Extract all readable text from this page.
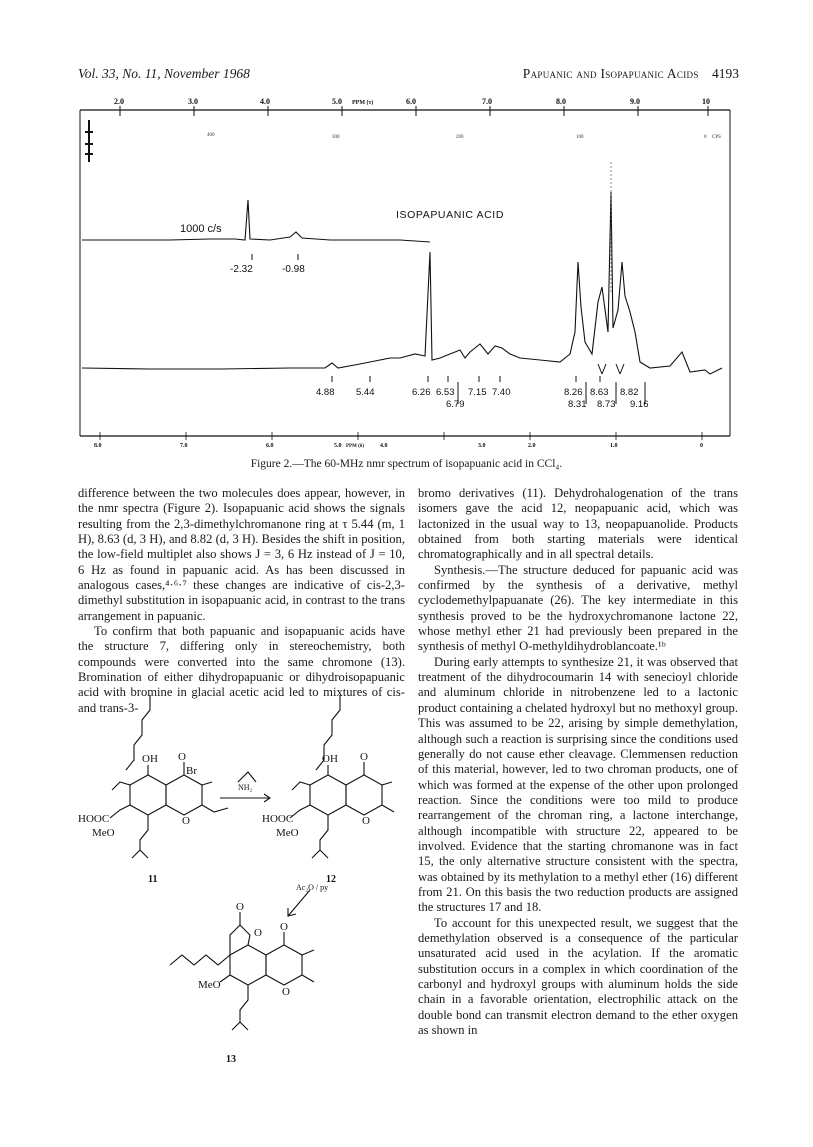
Vol. 33, No. 11, November 1968	Papuanic and Isopapuanic Acids 4193
2.0	3.0	4.0	5.0 PPM (τ)	6.0	7.0	8.0	9.0	10
400	300	200	100	0 CPS
1000 c/s
-2.32	-0.98
ISOPAPUANIC ACID
4.88 5.44	6.26 6.53 7.15 7.40
6.79
8.26 8.63 8.82
8.31 8.73 9.16
8.0	7.0	6.0	5.0 PPM (δ)	4.0	3.0	2.0	1.0	0
Figure 2.—The 60-MHz nmr spectrum of isopapuanic acid in CCl₄.

difference between the two molecules does appear, however, in the nmr spectra (Figure 2). Isopapuanic acid shows the signals resulting from the 2,3-dimethylchromanone ring at τ 5.44 (m, 1 H), 8.63 (d, 3 H), and 8.82 (d, 3 H). Besides the shift in position, the low-field multiplet also shows J = 3, 6 Hz instead of J = 10, 6 Hz as found in papuanic acid. As has been discussed in analogous cases,⁴·⁶·⁷ these changes are indicative of cis-2,3-dimethyl substitution in isopapuanic acid, in contrast to the trans arrangement in papuanic.

To confirm that both papuanic and isopapuanic acids have the structure 7, differing only in stereochemistry, both compounds were converted into the same chromone (13). Bromination of either dihydropapuanic or dihydroisopapuanic acid with bromine in glacial acetic acid led to mixtures of cis- and trans-3-

bromo derivatives (11). Dehydrohalogenation of the trans isomers gave the acid 12, neopapuanic acid, which was lactonized in the usual way to 13, neopapuanolide. Products obtained from both starting materials were identical chromatographically and in all spectral details.

Synthesis.—The structure deduced for papuanic acid was confirmed by the synthesis of a derivative, methyl cyclodemethylpapuanate (26). The key intermediate in this synthesis proved to be the hydroxychromanone lactone 22, whose methyl ether 21 had previously been prepared in the synthesis of methyl O-methyldihydroblancoate.¹ᵇ

During early attempts to synthesize 21, it was observed that treatment of the dihydrocoumarin 14 with senecioyl chloride and aluminum chloride in nitrobenzene led to a lactonic product containing a chelated hydroxyl but no methoxyl group. This was assumed to be 22, arising by simple demethylation, although such a reaction is surprising since the conditions used generally do not cause ether cleavage. Clemmensen reduction of this material, however, led to two chroman products, one of which was formed at the expense of the other upon prolonged reaction. Since the conditions were too mild to produce rearrangement of the chroman ring, a lactone interchange, although incompatible with structure 22, appeared to be involved. Evidence that the starting chromanone was in fact 15, the only alternative structure consistent with the spectra, was obtained by its methylation to a methyl ether (16) different from 21. On this basis the two reduction products are assigned the structures 17 and 18.

To account for this unexpected result, we suggest that the demethylation observed is a consequence of the particular unsaturated acid used in the acylation. If the aromatic substitution occurs in a complex in which coordination of the carbonyl and hydroxyl groups with aluminum holds the side chain in a favorable orientation, electrophilic attack on the double bond can transmit electron demand to the ether oxygen as shown in

OH O
Br
HOOC
MeO
O
OH O
HOOC
MeO
O
O
O
O
MeO
O
NH₂
Ac₂O / py
11	12
13
